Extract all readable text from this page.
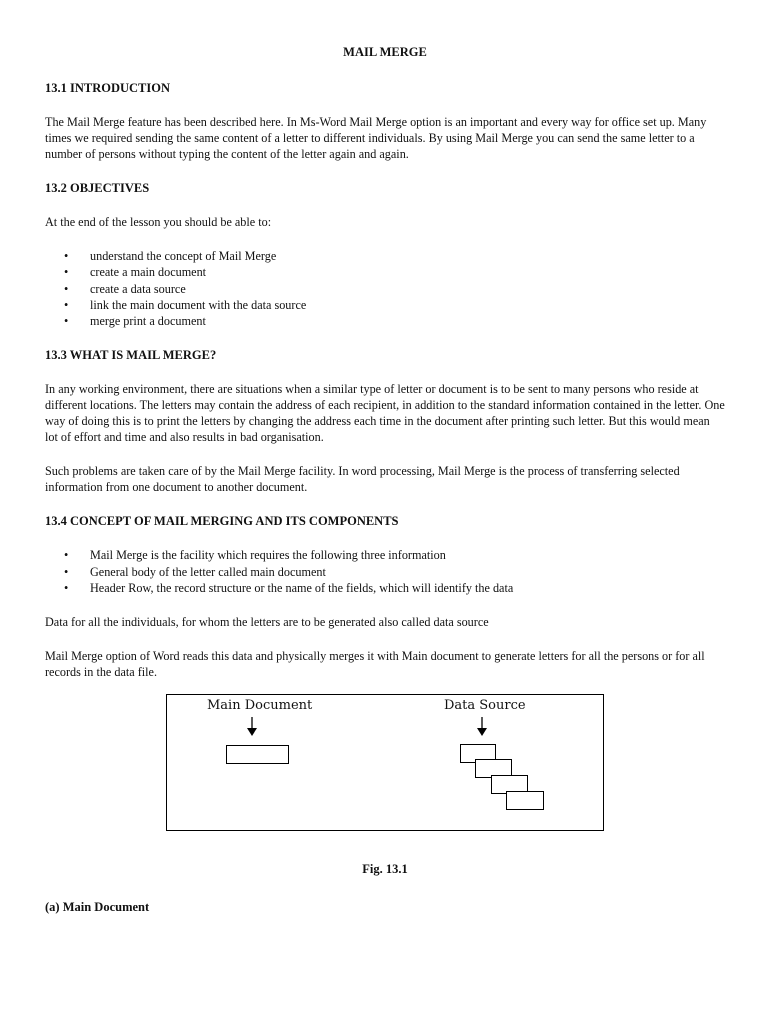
MAIL MERGE
13.1 INTRODUCTION

The Mail Merge feature has been described here. In Ms-Word Mail Merge option is an important and every way for office set up. Many times we required sending the same content of a letter to different individuals. By using Mail Merge you can send the same letter to a number of persons without typing the content of the letter again and again.

13.2 OBJECTIVES

At the end of the lesson you should be able to:

• understand the concept of Mail Merge
• create a main document
• create a data source
• link the main document with the data source
• merge print a document
13.3 WHAT IS MAIL MERGE?

In any working environment, there are situations when a similar type of letter or document is to be sent to many persons who reside at different locations. The letters may contain the address of each recipient, in addition to the standard information contained in the letter. One way of doing this is to print the letters by changing the address each time in the document after printing such letter. But this would mean lot of effort and time and also results in bad organisation.

Such problems are taken care of by the Mail Merge facility. In word processing, Mail Merge is the process of transferring selected information from one document to another document.

13.4 CONCEPT OF MAIL MERGING AND ITS COMPONENTS
• Mail Merge is the facility which requires the following three information
• General body of the letter called main document
• Header Row, the record structure or the name of the fields, which will identify the data

Data for all the individuals, for whom the letters are to be generated also called data source

Mail Merge option of Word reads this data and physically merges it with Main document to generate letters for all the persons or for all records in the data file.

Main Document	Data Source
Fig. 13.1
(a) Main Document
